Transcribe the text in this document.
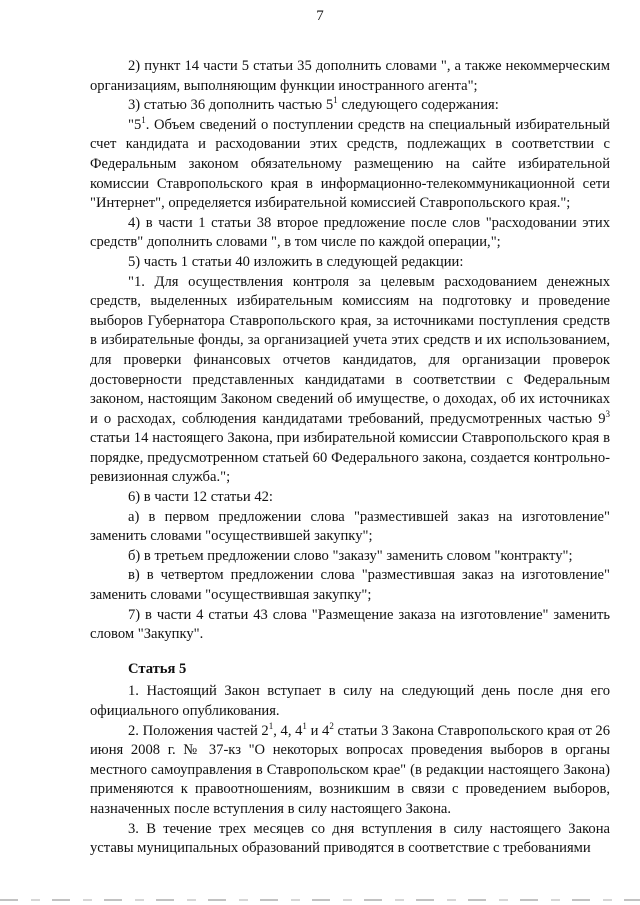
7

2) пункт 14 части 5 статьи 35 дополнить словами ", а также некоммерческим организациям, выполняющим функции иностранного агента";

3) статью 36 дополнить частью $5^1$ следующего содержания:

"$5^1$. Объем сведений о поступлении средств на специальный избирательный счет кандидата и расходовании этих средств, подлежащих в соответствии с Федеральным законом обязательному размещению на сайте избирательной комиссии Ставропольского края в информационно-телекоммуникационной сети "Интернет", определяется избирательной комиссией Ставропольского края.";

4) в части 1 статьи 38 второе предложение после слов "расходовании этих средств" дополнить словами ", в том числе по каждой операции,";

5) часть 1 статьи 40 изложить в следующей редакции:

"1. Для осуществления контроля за целевым расходованием денежных средств, выделенных избирательным комиссиям на подготовку и проведение выборов Губернатора Ставропольского края, за источниками поступления средств в избирательные фонды, за организацией учета этих средств и их использованием, для проверки финансовых отчетов кандидатов, для организации проверок достоверности представленных кандидатами в соответствии с Федеральным законом, настоящим Законом сведений об имуществе, о доходах, об их источниках и о расходах, соблюдения кандидатами требований, предусмотренных частью $9^3$ статьи 14 настоящего Закона, при избирательной комиссии Ставропольского края в порядке, предусмотренном статьей 60 Федерального закона, создается контрольно-ревизионная служба.";

6) в части 12 статьи 42:

а) в первом предложении слова "разместившей заказ на изготовление" заменить словами "осуществившей закупку";

б) в третьем предложении слово "заказу" заменить словом "контракту";

в) в четвертом предложении слова "разместившая заказ на изготовление" заменить словами "осуществившая закупку";

7) в части 4 статьи 43 слова "Размещение заказа на изготовление" заменить словом "Закупку".

Статья 5

1. Настоящий Закон вступает в силу на следующий день после дня его официального опубликования.

2. Положения частей $2^1$, 4, $4^1$ и $4^2$ статьи 3 Закона Ставропольского края от 26 июня 2008 г. № 37-кз "О некоторых вопросах проведения выборов в органы местного самоуправления в Ставропольском крае" (в редакции настоящего Закона) применяются к правоотношениям, возникшим в связи с проведением выборов, назначенных после вступления в силу настоящего Закона.

3. В течение трех месяцев со дня вступления в силу настоящего Закона уставы муниципальных образований приводятся в соответствие с требованиями
